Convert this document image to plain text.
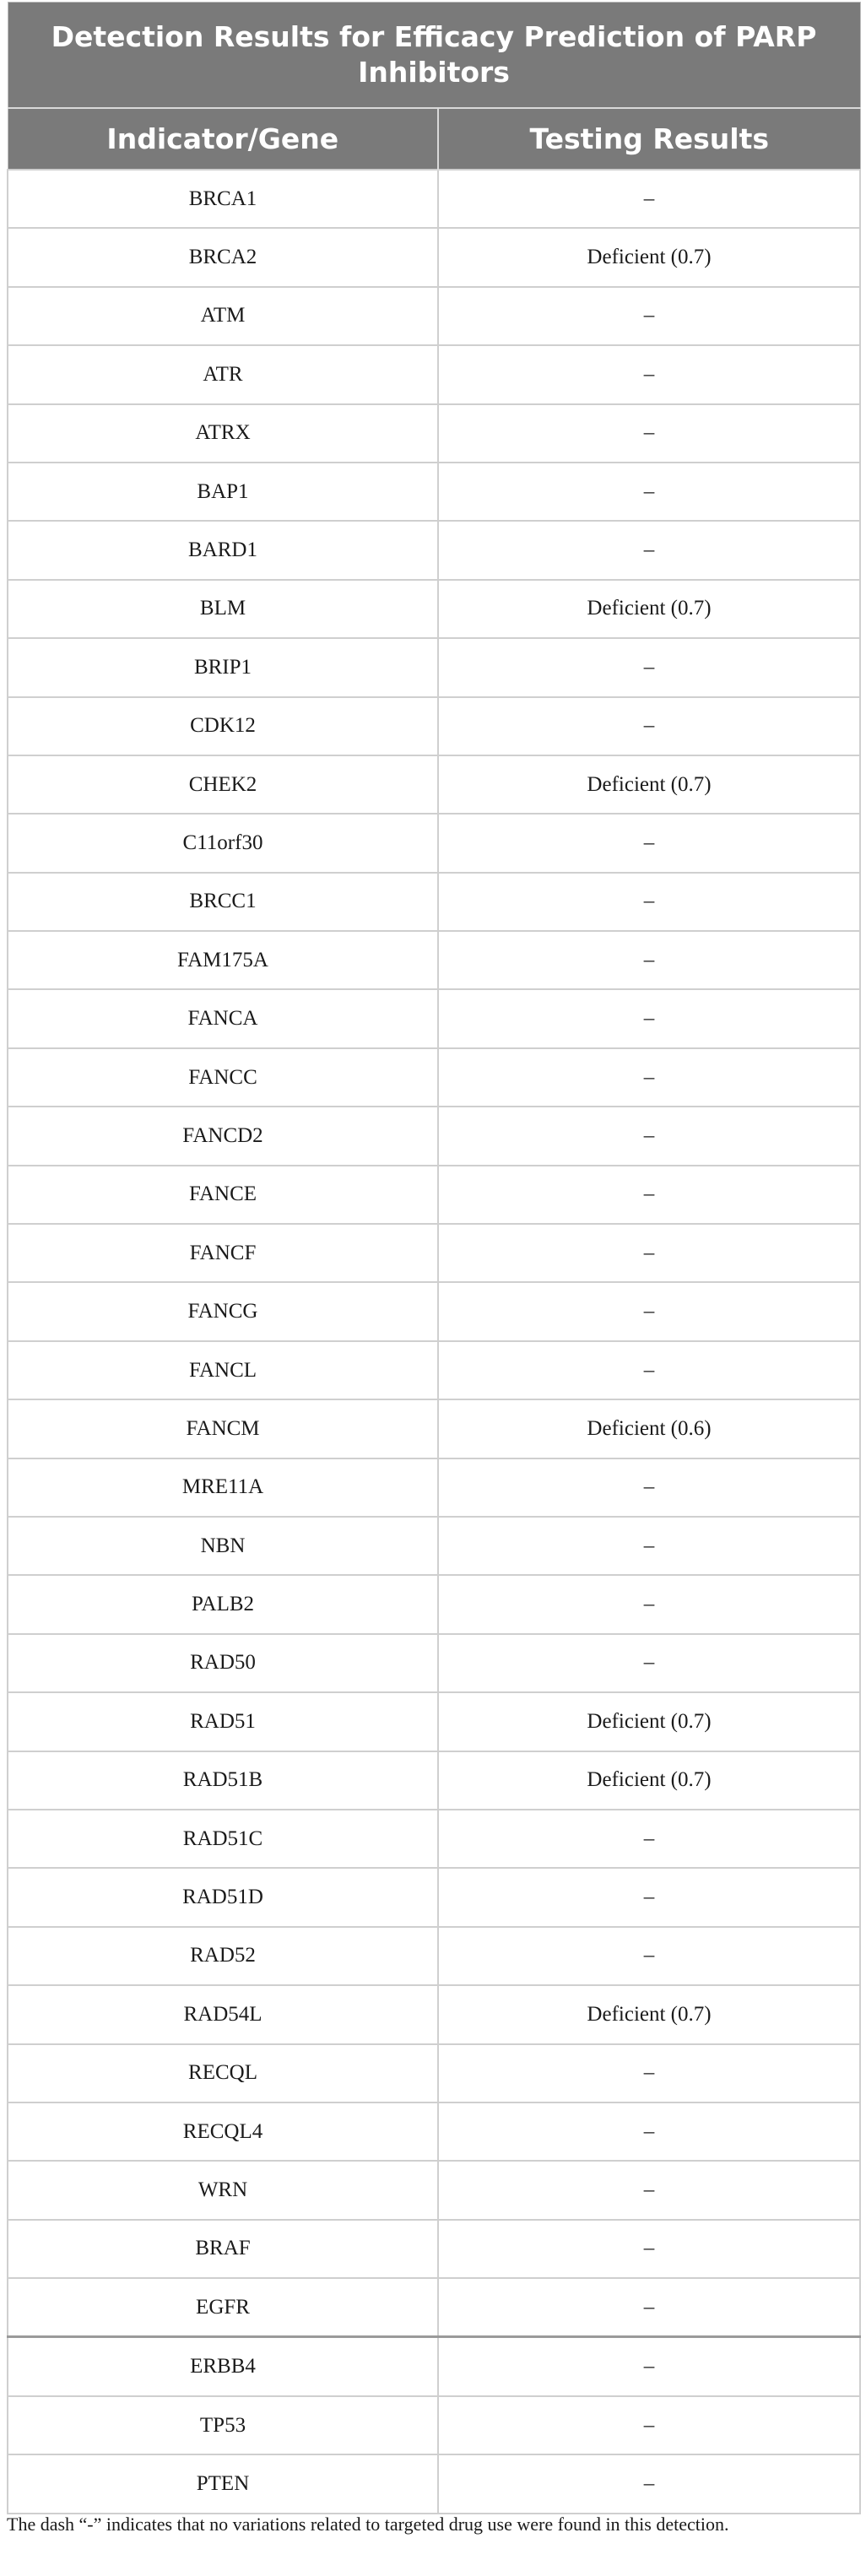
Detection Results for Efficacy Prediction of PARP Inhibitors	
Indicator/Gene	Testing Results
BRCA1	–
BRCA2	Deficient (0.7)
ATM	–
ATR	–
ATRX	–
BAP1	–
BARD1	–
BLM	Deficient (0.7)
BRIP1	–
CDK12	–
CHEK2	Deficient (0.7)
C11orf30	–
BRCC1	–
FAM175A	–
FANCA	–
FANCC	–
FANCD2	–
FANCE	–
FANCF	–
FANCG	–
FANCL	–
FANCM	Deficient (0.6)
MRE11A	–
NBN	–
PALB2	–
RAD50	–
RAD51	Deficient (0.7)
RAD51B	Deficient (0.7)
RAD51C	–
RAD51D	–
RAD52	–
RAD54L	Deficient (0.7)
RECQL	–
RECQL4	–
WRN	–
BRAF	–
EGFR	–
ERBB4	–
TP53	–
PTEN	–
The dash “-” indicates that no variations related to targeted drug use were found in this detection.
